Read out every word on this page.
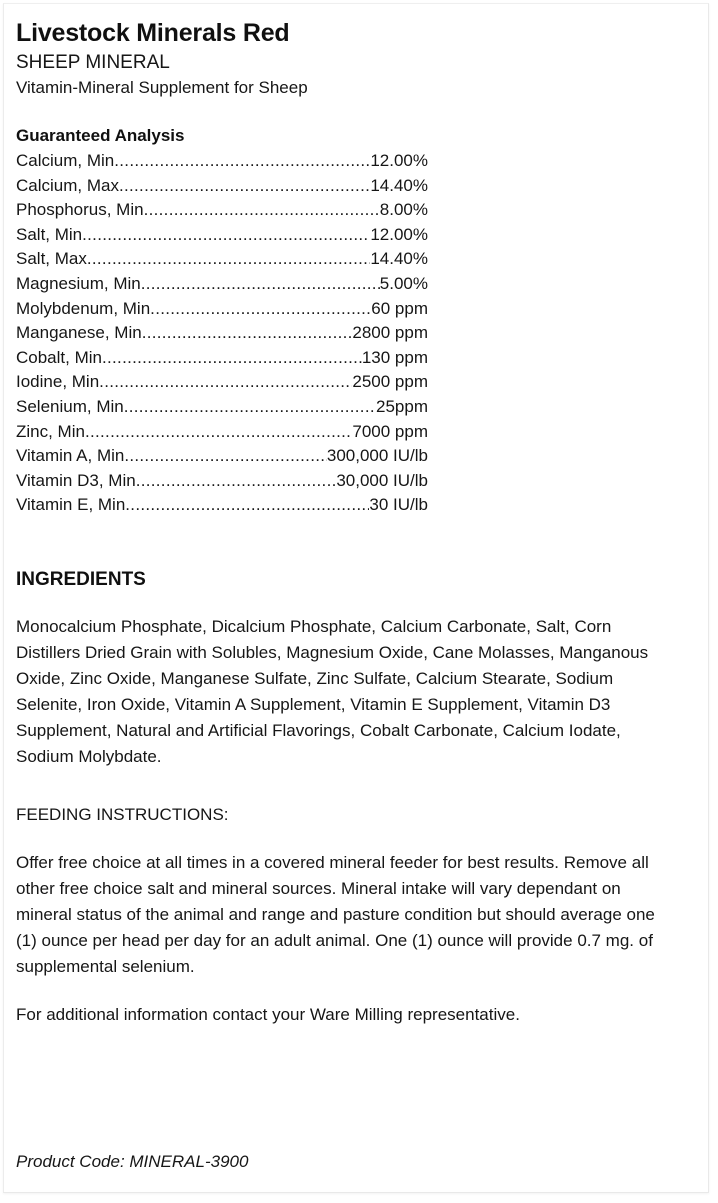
Livestock Minerals Red
SHEEP MINERAL
Vitamin-Mineral Supplement for Sheep
Guaranteed Analysis
Calcium, Min .....	12.00%
Calcium, Max .....	14.40%
Phosphorus, Min .....	8.00%
Salt, Min .....	12.00%
Salt, Max .....	14.40%
Magnesium, Min .....	5.00%
Molybdenum, Min .....	60 ppm
Manganese, Min .....	2800 ppm
Cobalt, Min .....	130 ppm
Iodine, Min .....	2500 ppm
Selenium, Min .....	25ppm
Zinc, Min .....	7000 ppm
Vitamin A, Min .....	300,000 IU/lb
Vitamin D3, Min .....	30,000 IU/lb
Vitamin E, Min .....	30 IU/lb
INGREDIENTS

Monocalcium Phosphate, Dicalcium Phosphate, Calcium Carbonate, Salt, Corn Distillers Dried Grain with Solubles, Magnesium Oxide, Cane Molasses, Manganous Oxide, Zinc Oxide, Manganese Sulfate, Zinc Sulfate, Calcium Stearate, Sodium Selenite, Iron Oxide, Vitamin A Supplement, Vitamin E Supplement, Vitamin D3 Supplement, Natural and Artificial Flavorings, Cobalt Carbonate, Calcium Iodate, Sodium Molybdate.

FEEDING INSTRUCTIONS:

Offer free choice at all times in a covered mineral feeder for best results. Remove all other free choice salt and mineral sources. Mineral intake will vary dependant on mineral status of the animal and range and pasture condition but should average one (1) ounce per head per day for an adult animal. One (1) ounce will provide 0.7 mg. of supplemental selenium.

For additional information contact your Ware Milling representative.

Product Code: MINERAL-3900
